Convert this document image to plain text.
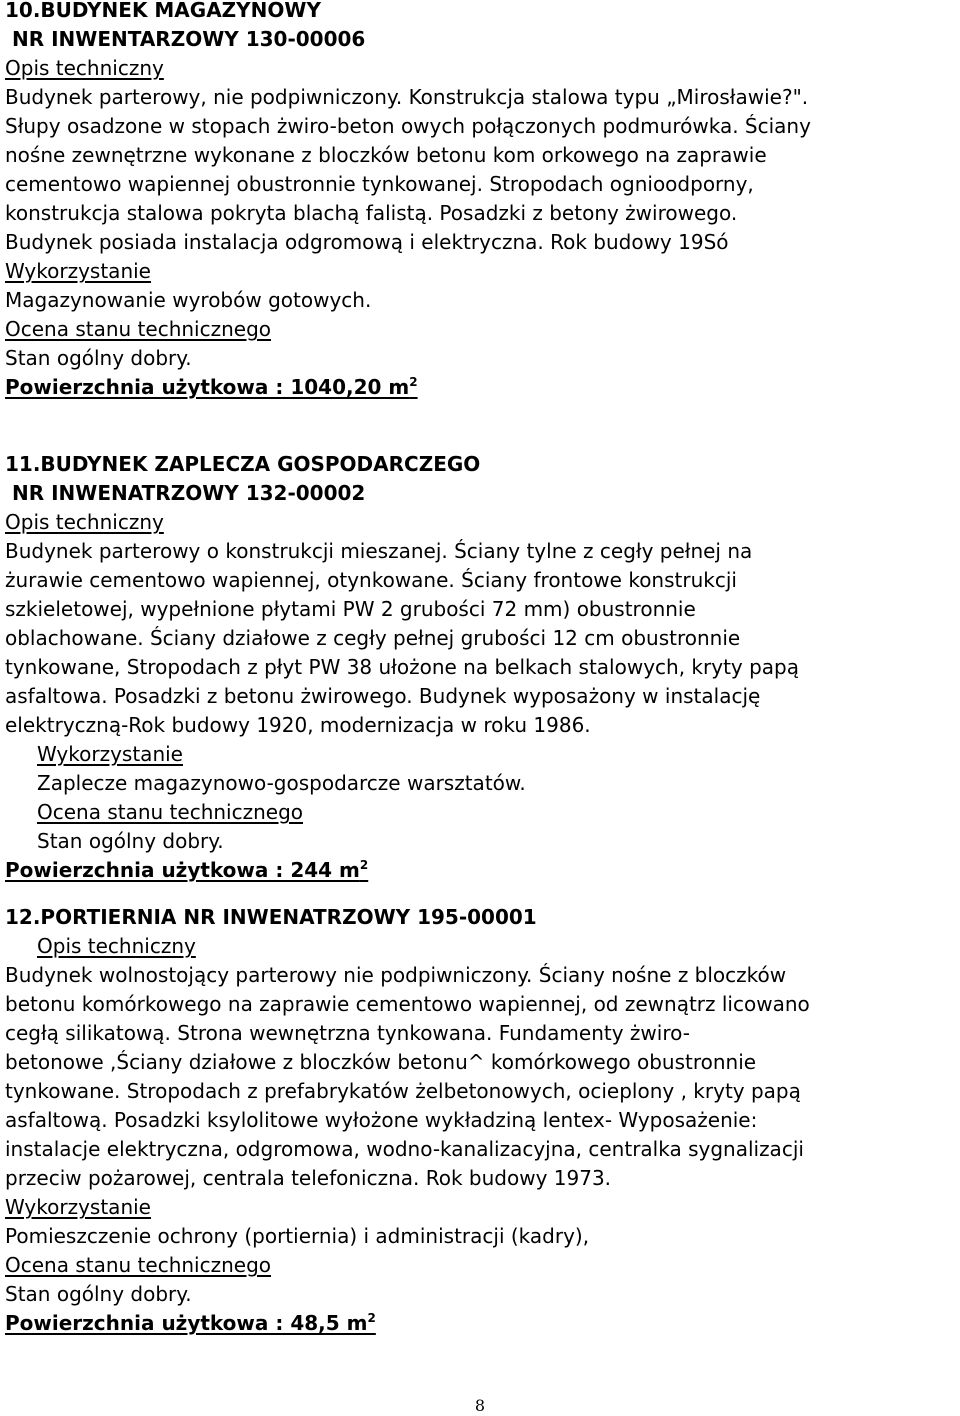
10.BUDYNEK MAGAZYNOWY

NR INWENTARZOWY 130-00006

Opis techniczny

Budynek parterowy, nie podpiwniczony. Konstrukcja stalowa typu „Mirosławie?".

Słupy osadzone w stopach żwiro-beton owych połączonych podmurówka. Ściany

nośne zewnętrzne wykonane z bloczków betonu kom orkowego na zaprawie

cementowo wapiennej obustronnie tynkowanej. Stropodach ognioodporny,

konstrukcja stalowa pokryta blachą falistą. Posadzki z betony żwirowego.

Budynek posiada instalacja odgromową i elektryczna. Rok budowy 19Só

Wykorzystanie

Magazynowanie wyrobów gotowych.

Ocena stanu technicznego

Stan ogólny dobry.

Powierzchnia użytkowa : 1040,20 $m^2$

11.BUDYNEK ZAPLECZA GOSPODARCZEGO

NR INWENATRZOWY 132-00002

Opis techniczny

Budynek parterowy o konstrukcji mieszanej. Ściany tylne z cegły pełnej na

żurawie cementowo wapiennej, otynkowane. Ściany frontowe konstrukcji

szkieletowej, wypełnione płytami PW 2 grubości 72 mm) obustronnie

oblachowane. Ściany działowe z cegły pełnej grubości 12 cm obustronnie

tynkowane, Stropodach z płyt PW 38 ułożone na belkach stalowych, kryty papą

asfaltowa. Posadzki z betonu żwirowego. Budynek wyposażony w instalację

elektryczną-Rok budowy 1920, modernizacja w roku 1986.

Wykorzystanie

Zaplecze magazynowo-gospodarcze warsztatów.

Ocena stanu technicznego

Stan ogólny dobry.

Powierzchnia użytkowa : 244 $m^2$

12.PORTIERNIA NR INWENATRZOWY 195-00001

Opis techniczny

Budynek wolnostojący parterowy nie podpiwniczony. Ściany nośne z bloczków

betonu komórkowego na zaprawie cementowo wapiennej, od zewnątrz licowano

cegłą silikatową. Strona wewnętrzna tynkowana. Fundamenty żwiro-

betonowe ,Ściany działowe z bloczków betonu^ komórkowego obustronnie

tynkowane. Stropodach z prefabrykatów żelbetonowych, ocieplony , kryty papą

asfaltową. Posadzki ksylolitowe wyłożone wykładziną lentex- Wyposażenie:

instalacje elektryczna, odgromowa, wodno-kanalizacyjna, centralka sygnalizacji

przeciw pożarowej, centrala telefoniczna. Rok budowy 1973.

Wykorzystanie

Pomieszczenie ochrony (portiernia) i administracji (kadry),

Ocena stanu technicznego

Stan ogólny dobry.

Powierzchnia użytkowa : 48,5 $m^2$

8
